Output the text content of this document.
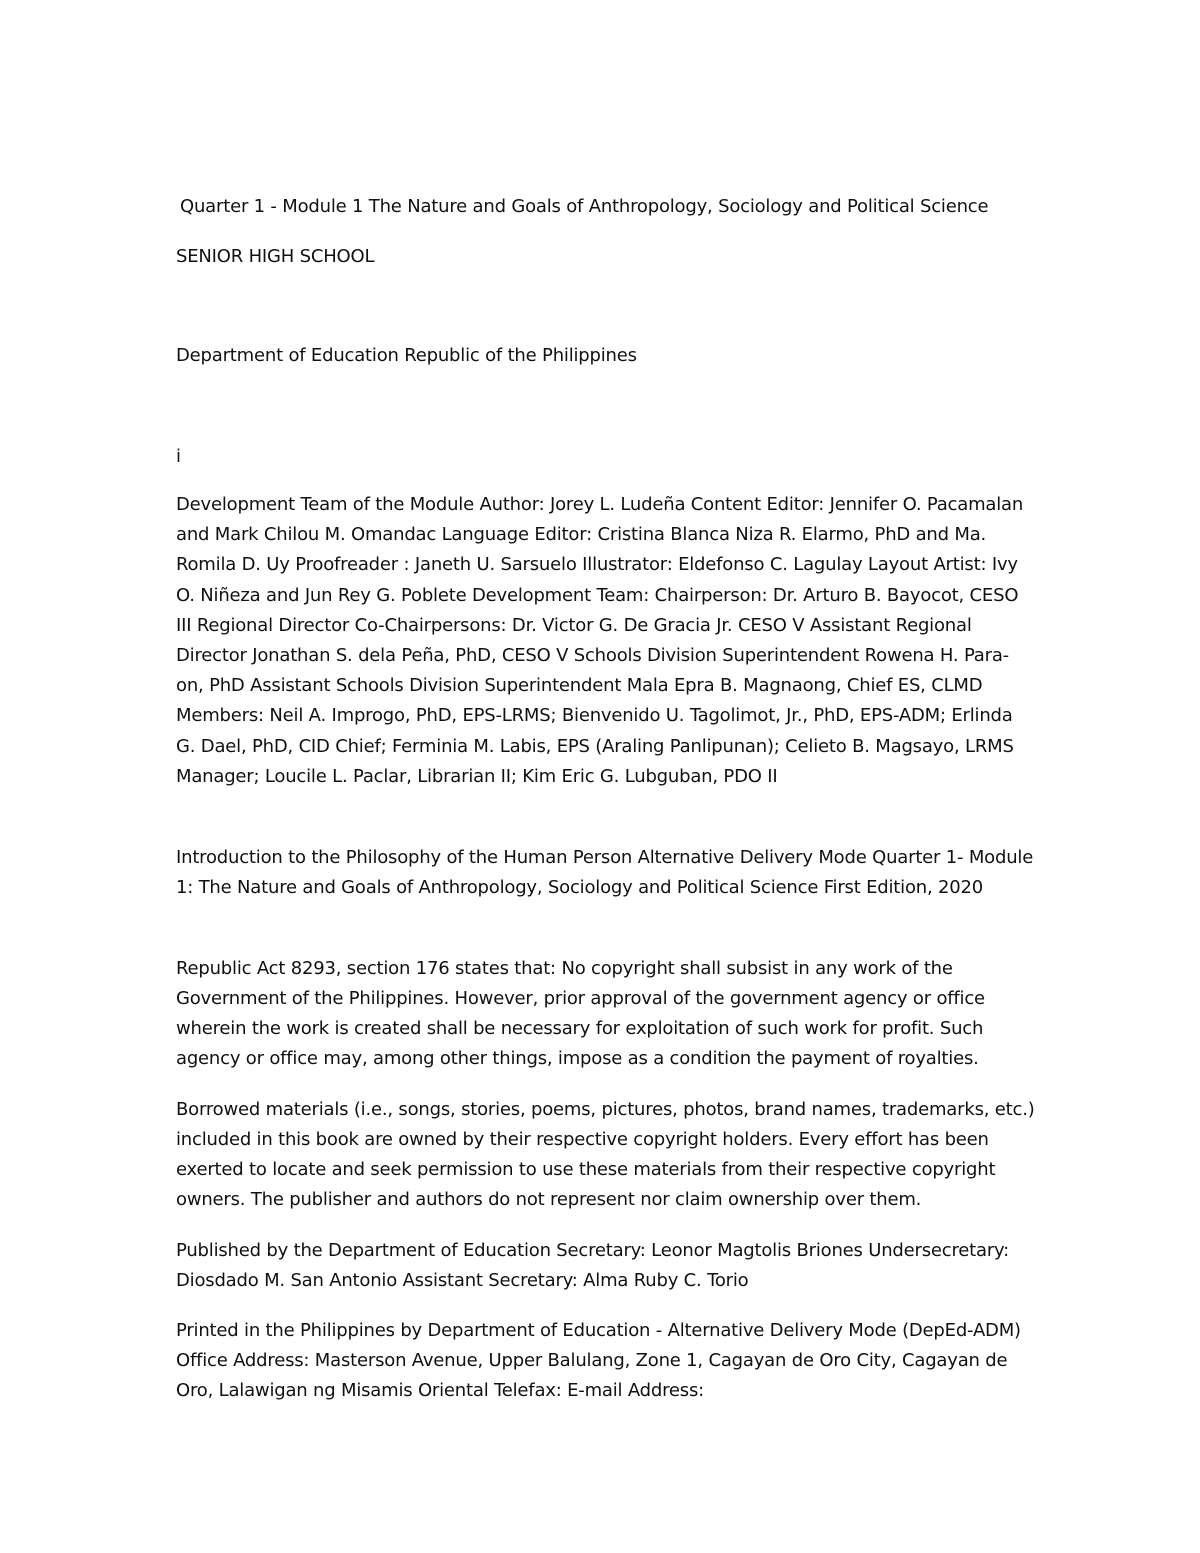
Quarter 1 - Module 1 The Nature and Goals of Anthropology, Sociology and Political Science
SENIOR HIGH SCHOOL
Department of Education Republic of the Philippines
i
Development Team of the Module Author: Jorey L. Ludeña Content Editor: Jennifer O. Pacamalan and Mark Chilou M. Omandac Language Editor: Cristina Blanca Niza R. Elarmo, PhD and Ma. Romila D. Uy Proofreader : Janeth U. Sarsuelo Illustrator: Eldefonso C. Lagulay Layout Artist: Ivy O. Niñeza and Jun Rey G. Poblete Development Team: Chairperson: Dr. Arturo B. Bayocot, CESO III Regional Director Co-Chairpersons: Dr. Victor G. De Gracia Jr. CESO V Assistant Regional Director Jonathan S. dela Peña, PhD, CESO V Schools Division Superintendent Rowena H. Para-on, PhD Assistant Schools Division Superintendent Mala Epra B. Magnaong, Chief ES, CLMD Members: Neil A. Improgo, PhD, EPS-LRMS; Bienvenido U. Tagolimot, Jr., PhD, EPS-ADM; Erlinda G. Dael, PhD, CID Chief; Ferminia M. Labis, EPS (Araling Panlipunan); Celieto B. Magsayo, LRMS Manager; Loucile L. Paclar, Librarian II; Kim Eric G. Lubguban, PDO II
Introduction to the Philosophy of the Human Person Alternative Delivery Mode Quarter 1- Module 1: The Nature and Goals of Anthropology, Sociology and Political Science First Edition, 2020
Republic Act 8293, section 176 states that: No copyright shall subsist in any work of the Government of the Philippines. However, prior approval of the government agency or office wherein the work is created shall be necessary for exploitation of such work for profit. Such agency or office may, among other things, impose as a condition the payment of royalties.
Borrowed materials (i.e., songs, stories, poems, pictures, photos, brand names, trademarks, etc.) included in this book are owned by their respective copyright holders. Every effort has been exerted to locate and seek permission to use these materials from their respective copyright owners. The publisher and authors do not represent nor claim ownership over them.
Published by the Department of Education Secretary: Leonor Magtolis Briones Undersecretary: Diosdado M. San Antonio Assistant Secretary: Alma Ruby C. Torio
Printed in the Philippines by Department of Education - Alternative Delivery Mode (DepEd-ADM) Office Address: Masterson Avenue, Upper Balulang, Zone 1, Cagayan de Oro City, Cagayan de Oro, Lalawigan ng Misamis Oriental Telefax: E-mail Address:
